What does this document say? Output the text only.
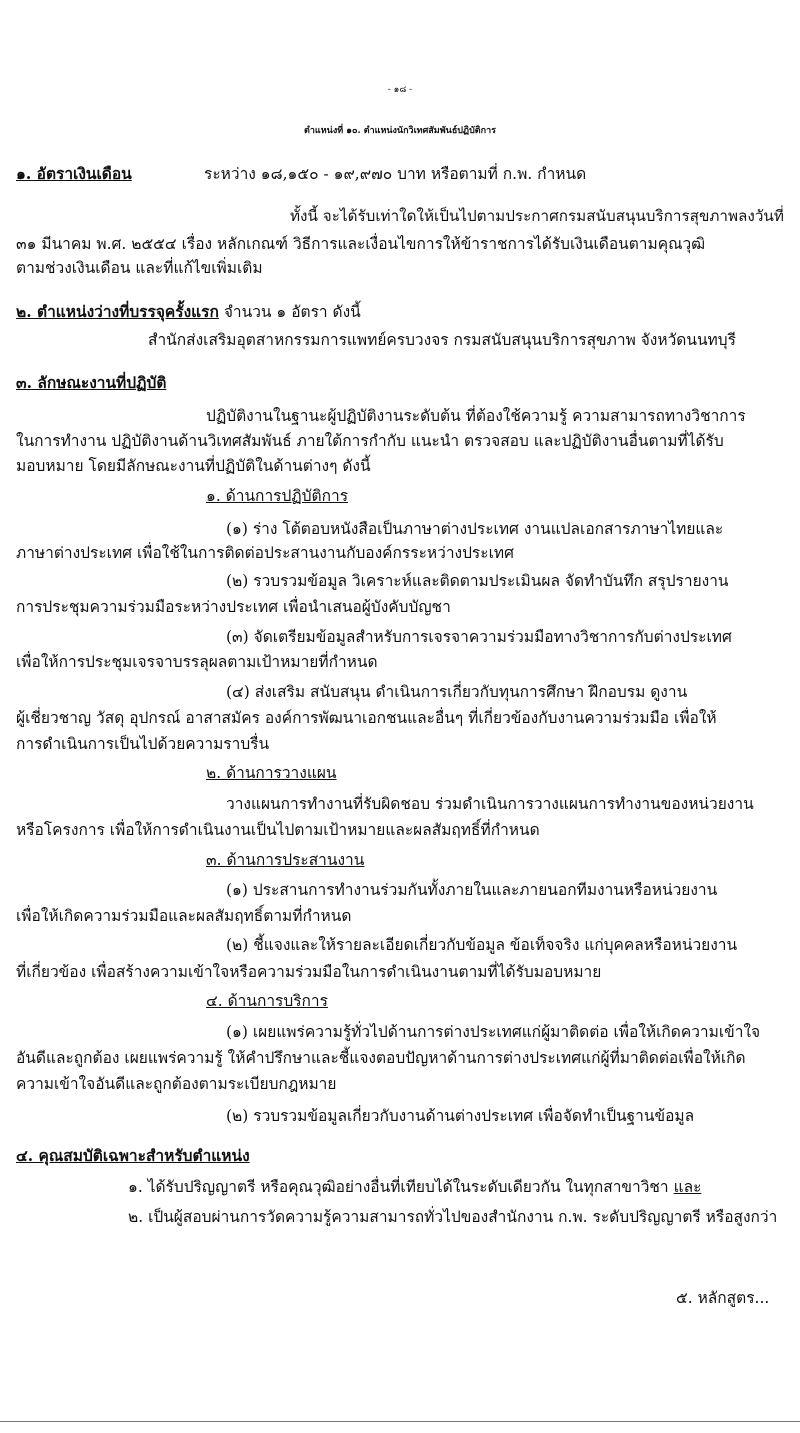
- ๑๘ -
ตำแหน่งที่ ๑๐. ตำแหน่งนักวิเทศสัมพันธ์ปฏิบัติการ
๑. อัตราเงินเดือน	ระหว่าง ๑๘,๑๕๐ - ๑๙,๙๗๐ บาท หรือตามที่ ก.พ. กำหนด
ทั้งนี้ จะได้รับเท่าใดให้เป็นไปตามประกาศกรมสนับสนุนบริการสุขภาพลงวันที่
๓๑ มีนาคม พ.ศ. ๒๕๕๔ เรื่อง หลักเกณฑ์ วิธีการและเงื่อนไขการให้ข้าราชการได้รับเงินเดือนตามคุณวุฒิ
ตามช่วงเงินเดือน และที่แก้ไขเพิ่มเติม
๒. ตำแหน่งว่างที่บรรจุครั้งแรก จำนวน ๑ อัตรา ดังนี้
สำนักส่งเสริมอุตสาหกรรมการแพทย์ครบวงจร กรมสนับสนุนบริการสุขภาพ จังหวัดนนทบุรี
๓. ลักษณะงานที่ปฏิบัติ
ปฏิบัติงานในฐานะผู้ปฏิบัติงานระดับต้น ที่ต้องใช้ความรู้ ความสามารถทางวิชาการ
ในการทำงาน ปฏิบัติงานด้านวิเทศสัมพันธ์ ภายใต้การกำกับ แนะนำ ตรวจสอบ และปฏิบัติงานอื่นตามที่ได้รับ
มอบหมาย โดยมีลักษณะงานที่ปฏิบัติในด้านต่างๆ ดังนี้
๑. ด้านการปฏิบัติการ
(๑) ร่าง โต้ตอบหนังสือเป็นภาษาต่างประเทศ งานแปลเอกสารภาษาไทยและ
ภาษาต่างประเทศ เพื่อใช้ในการติดต่อประสานงานกับองค์กรระหว่างประเทศ
(๒) รวบรวมข้อมูล วิเคราะห์และติดตามประเมินผล จัดทำบันทึก สรุปรายงาน
การประชุมความร่วมมือระหว่างประเทศ เพื่อนำเสนอผู้บังคับบัญชา
(๓) จัดเตรียมข้อมูลสำหรับการเจรจาความร่วมมือทางวิชาการกับต่างประเทศ
เพื่อให้การประชุมเจรจาบรรลุผลตามเป้าหมายที่กำหนด
(๔) ส่งเสริม สนับสนุน ดำเนินการเกี่ยวกับทุนการศึกษา ฝึกอบรม ดูงาน
ผู้เชี่ยวชาญ วัสดุ อุปกรณ์ อาสาสมัคร องค์การพัฒนาเอกชนและอื่นๆ ที่เกี่ยวข้องกับงานความร่วมมือ เพื่อให้
การดำเนินการเป็นไปด้วยความราบรื่น
๒. ด้านการวางแผน
วางแผนการทำงานที่รับผิดชอบ ร่วมดำเนินการวางแผนการทำงานของหน่วยงาน
หรือโครงการ เพื่อให้การดำเนินงานเป็นไปตามเป้าหมายและผลสัมฤทธิ์ที่กำหนด
๓. ด้านการประสานงาน
(๑) ประสานการทำงานร่วมกันทั้งภายในและภายนอกทีมงานหรือหน่วยงาน
เพื่อให้เกิดความร่วมมือและผลสัมฤทธิ์ตามที่กำหนด
(๒) ชี้แจงและให้รายละเอียดเกี่ยวกับข้อมูล ข้อเท็จจริง แก่บุคคลหรือหน่วยงาน
ที่เกี่ยวข้อง เพื่อสร้างความเข้าใจหรือความร่วมมือในการดำเนินงานตามที่ได้รับมอบหมาย
๔. ด้านการบริการ
(๑) เผยแพร่ความรู้ทั่วไปด้านการต่างประเทศแก่ผู้มาติดต่อ เพื่อให้เกิดความเข้าใจ
อันดีและถูกต้อง เผยแพร่ความรู้ ให้คำปรึกษาและชี้แจงตอบปัญหาด้านการต่างประเทศแก่ผู้ที่มาติดต่อเพื่อให้เกิด
ความเข้าใจอันดีและถูกต้องตามระเบียบกฎหมาย
(๒) รวบรวมข้อมูลเกี่ยวกับงานด้านต่างประเทศ เพื่อจัดทำเป็นฐานข้อมูล
๔. คุณสมบัติเฉพาะสำหรับตำแหน่ง
๑. ได้รับปริญญาตรี หรือคุณวุฒิอย่างอื่นที่เทียบได้ในระดับเดียวกัน ในทุกสาขาวิชา และ
๒. เป็นผู้สอบผ่านการวัดความรู้ความสามารถทั่วไปของสำนักงาน ก.พ. ระดับปริญญาตรี หรือสูงกว่า
๕. หลักสูตร...
